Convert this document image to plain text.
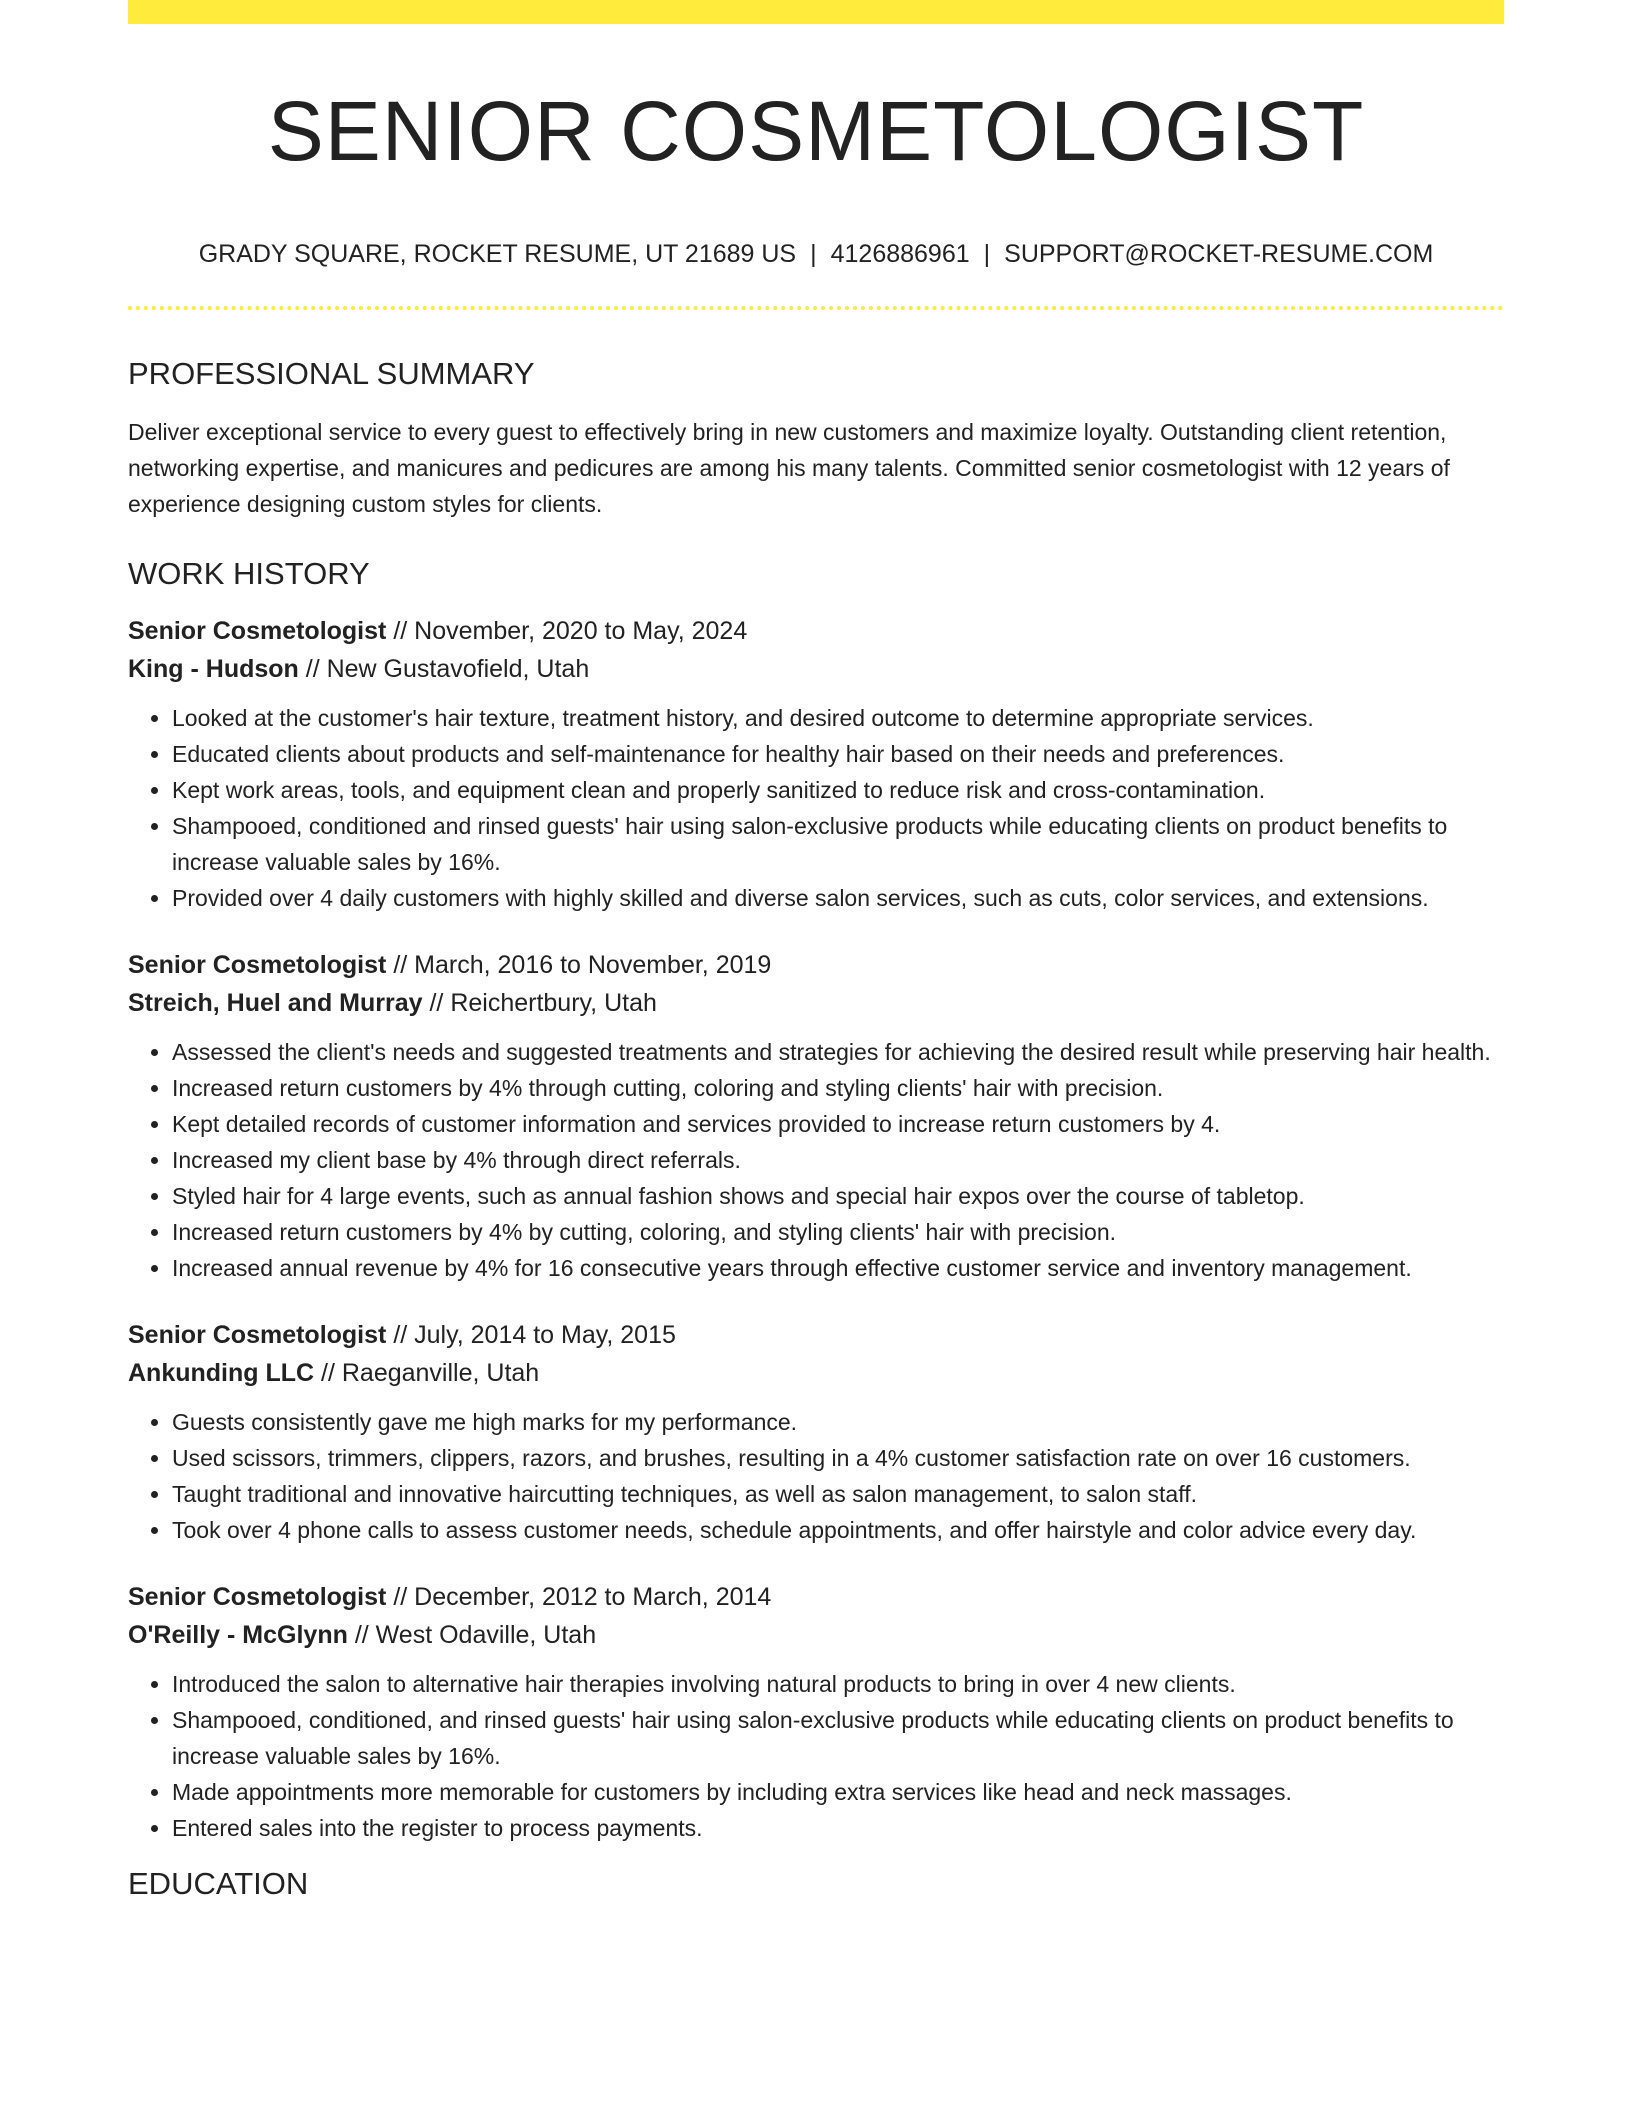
SENIOR COSMETOLOGIST
GRADY SQUARE, ROCKET RESUME, UT 21689 US | 4126886961 | SUPPORT@ROCKET-RESUME.COM
PROFESSIONAL SUMMARY

Deliver exceptional service to every guest to effectively bring in new customers and maximize loyalty. Outstanding client retention, networking expertise, and manicures and pedicures are among his many talents. Committed senior cosmetologist with 12 years of experience designing custom styles for clients.

WORK HISTORY
Senior Cosmetologist // November, 2020 to May, 2024
King - Hudson // New Gustavofield, Utah
• Looked at the customer's hair texture, treatment history, and desired outcome to determine appropriate services.
• Educated clients about products and self-maintenance for healthy hair based on their needs and preferences.
• Kept work areas, tools, and equipment clean and properly sanitized to reduce risk and cross-contamination.
• Shampooed, conditioned and rinsed guests' hair using salon-exclusive products while educating clients on product benefits to increase valuable sales by 16%.
• Provided over 4 daily customers with highly skilled and diverse salon services, such as cuts, color services, and extensions.
Senior Cosmetologist // March, 2016 to November, 2019
Streich, Huel and Murray // Reichertbury, Utah
• Assessed the client's needs and suggested treatments and strategies for achieving the desired result while preserving hair health.
• Increased return customers by 4% through cutting, coloring and styling clients' hair with precision.
• Kept detailed records of customer information and services provided to increase return customers by 4.
• Increased my client base by 4% through direct referrals.
• Styled hair for 4 large events, such as annual fashion shows and special hair expos over the course of tabletop.
• Increased return customers by 4% by cutting, coloring, and styling clients' hair with precision.
• Increased annual revenue by 4% for 16 consecutive years through effective customer service and inventory management.
Senior Cosmetologist // July, 2014 to May, 2015
Ankunding LLC // Raeganville, Utah
• Guests consistently gave me high marks for my performance.
• Used scissors, trimmers, clippers, razors, and brushes, resulting in a 4% customer satisfaction rate on over 16 customers.
• Taught traditional and innovative haircutting techniques, as well as salon management, to salon staff.
• Took over 4 phone calls to assess customer needs, schedule appointments, and offer hairstyle and color advice every day.
Senior Cosmetologist // December, 2012 to March, 2014
O'Reilly - McGlynn // West Odaville, Utah
• Introduced the salon to alternative hair therapies involving natural products to bring in over 4 new clients.
• Shampooed, conditioned, and rinsed guests' hair using salon-exclusive products while educating clients on product benefits to increase valuable sales by 16%.
• Made appointments more memorable for customers by including extra services like head and neck massages.
• Entered sales into the register to process payments.
EDUCATION
